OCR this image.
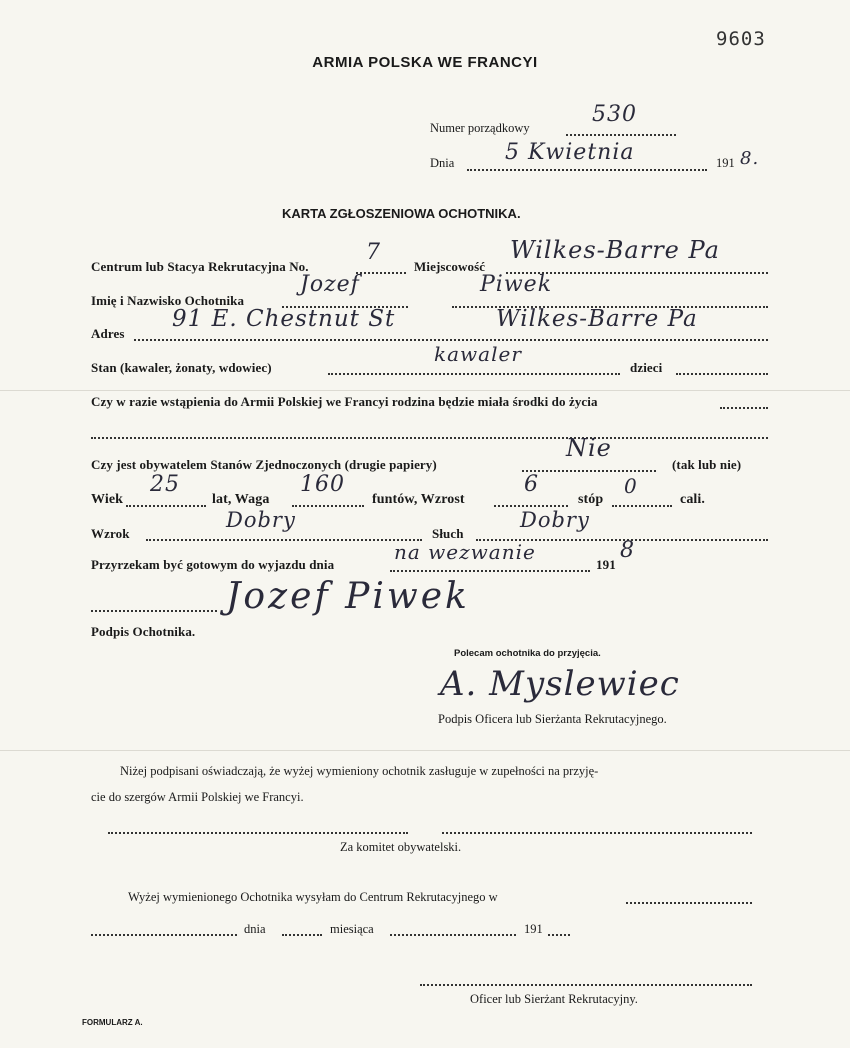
9603
ARMIA POLSKA WE FRANCYI
Numer porządkowy
530
Dnia 5 Kwietnia	191 8.
KARTA ZGŁOSZENIOWA OCHOTNIKA.
Centrum lub Stacya Rekrutacyjna No.
7
Miejscowość
Wilkes-Barre Pa
Imię i Nazwisko Ochotnika
Jozef	Piwek
Adres
91 E. Chestnut St	Wilkes-Barre Pa
Stan (kawaler, żonaty, wdowiec)
kawaler
dzieci
Czy w razie wstąpienia do Armii Polskiej we Francyi rodzina będzie miała środki do życia
Czy jest obywatelem Stanów Zjednoczonych (drugie papiery)
Nie
(tak lub nie)
Wiek
25
lat, Waga
160
funtów, Wzrost
6
stóp
0
cali.
Wzrok
Dobry
Słuch
Dobry
Przyrzekam być gotowym do wyjazdu dnia
na wezwanie
191
8
Jozef Piwek
Podpis Ochotnika.
Polecam ochotnika do przyjęcia.
A. Myslewiec
Podpis Oficera lub Sierżanta Rekrutacyjnego.
Niżej podpisani oświadczają, że wyżej wymieniony ochotnik zasługuje w zupełności na przyję-
cie do szergów Armii Polskiej we Francyi.
Za komitet obywatelski.
Wyżej wymienionego Ochotnika wysyłam do Centrum Rekrutacyjnego w
dnia	miesiąca	191
Oficer lub Sierżant Rekrutacyjny.
FORMULARZ A.
